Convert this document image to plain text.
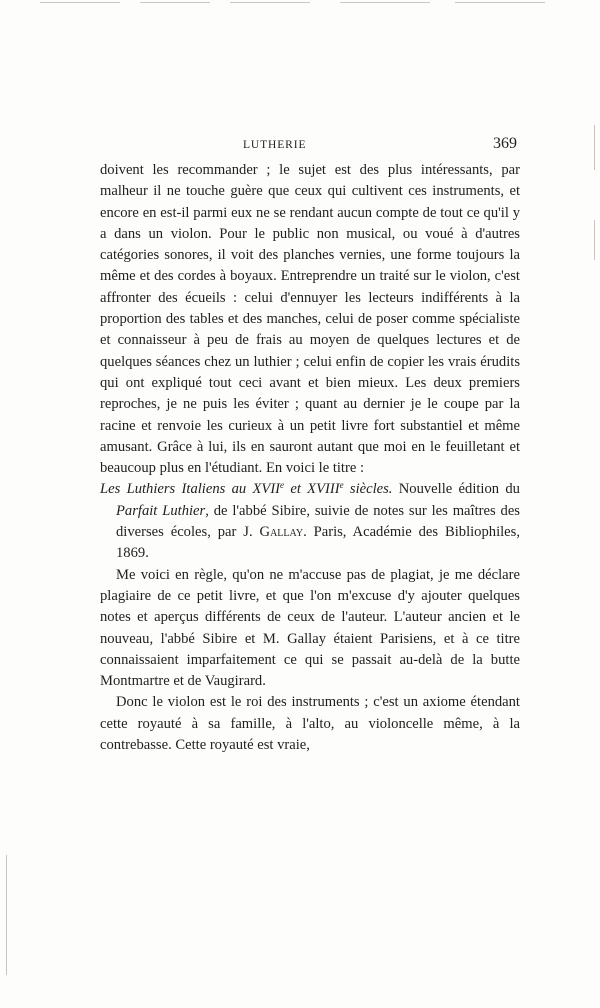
LUTHERIE	369

doivent les recommander ; le sujet est des plus intéressants, par malheur il ne touche guère que ceux qui cultivent ces instruments, et encore en est-il parmi eux ne se rendant aucun compte de tout ce qu'il y a dans un violon. Pour le public non musical, ou voué à d'autres catégories sonores, il voit des planches vernies, une forme toujours la même et des cordes à boyaux. Entreprendre un traité sur le violon, c'est affronter des écueils : celui d'ennuyer les lecteurs indifférents à la proportion des tables et des manches, celui de poser comme spécialiste et connaisseur à peu de frais au moyen de quelques lectures et de quelques séances chez un luthier ; celui enfin de copier les vrais érudits qui ont expliqué tout ceci avant et bien mieux. Les deux premiers reproches, je ne puis les éviter ; quant au dernier je le coupe par la racine et renvoie les curieux à un petit livre fort substantiel et même amusant. Grâce à lui, ils en sauront autant que moi en le feuilletant et beaucoup plus en l'étudiant. En voici le titre :

Les Luthiers Italiens au XVIIe et XVIIIe siècles. Nouvelle édition du Parfait Luthier, de l'abbé Sibire, suivie de notes sur les maîtres des diverses écoles, par J. Gallay. Paris, Académie des Bibliophiles, 1869.

Me voici en règle, qu'on ne m'accuse pas de plagiat, je me déclare plagiaire de ce petit livre, et que l'on m'excuse d'y ajouter quelques notes et aperçus différents de ceux de l'auteur. L'auteur ancien et le nouveau, l'abbé Sibire et M. Gallay étaient Parisiens, et à ce titre connaissaient imparfaitement ce qui se passait au-delà de la butte Montmartre et de Vaugirard.

Donc le violon est le roi des instruments ; c'est un axiome étendant cette royauté à sa famille, à l'alto, au violoncelle même, à la contrebasse. Cette royauté est vraie,
